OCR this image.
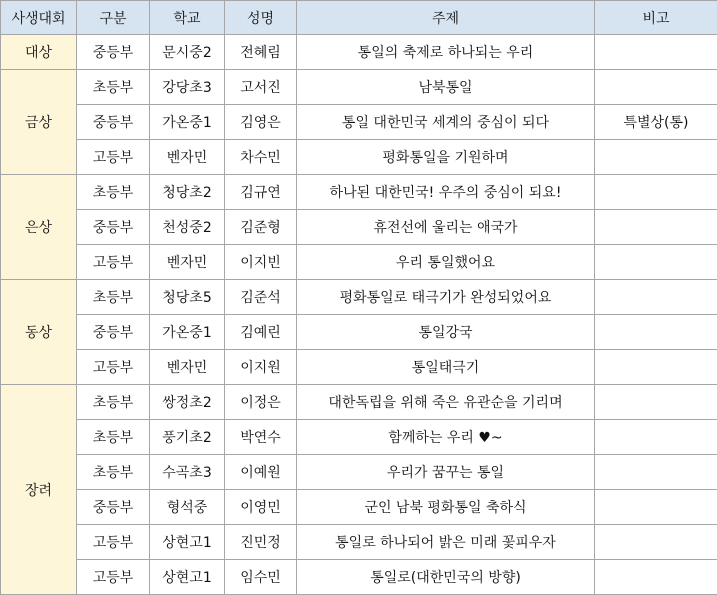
사생대회	구분	학교	성명	주제	비고
대상	중등부	문시중2	전혜림	통일의 축제로 하나되는 우리	
금상	초등부	강당초3	고서진	남북통일	
	중등부	가온중1	김영은	통일 대한민국 세계의 중심이 되다	특별상(통)
	고등부	벤자민	차수민	평화통일을 기원하며	
은상	초등부	청당초2	김규연	하나된 대한민국! 우주의 중심이 되요!	
	중등부	천성중2	김준형	휴전선에 울리는 애국가	
	고등부	벤자민	이지빈	우리 통일했어요	
동상	초등부	청당초5	김준석	평화통일로 태극기가 완성되었어요	
	중등부	가온중1	김예린	통일강국	
	고등부	벤자민	이지원	통일태극기	
장려	초등부	쌍정초2	이정은	대한독립을 위해 죽은 유관순을 기리며	
	초등부	풍기초2	박연수	함께하는 우리 ♥~	
	초등부	수곡초3	이예원	우리가 꿈꾸는 통일	
	중등부	형석중	이영민	군인 남북 평화통일 축하식	
	고등부	상현고1	진민정	통일로 하나되어 밝은 미래 꽃피우자	
	고등부	상현고1	임수민	통일로(대한민국의 방향)	
